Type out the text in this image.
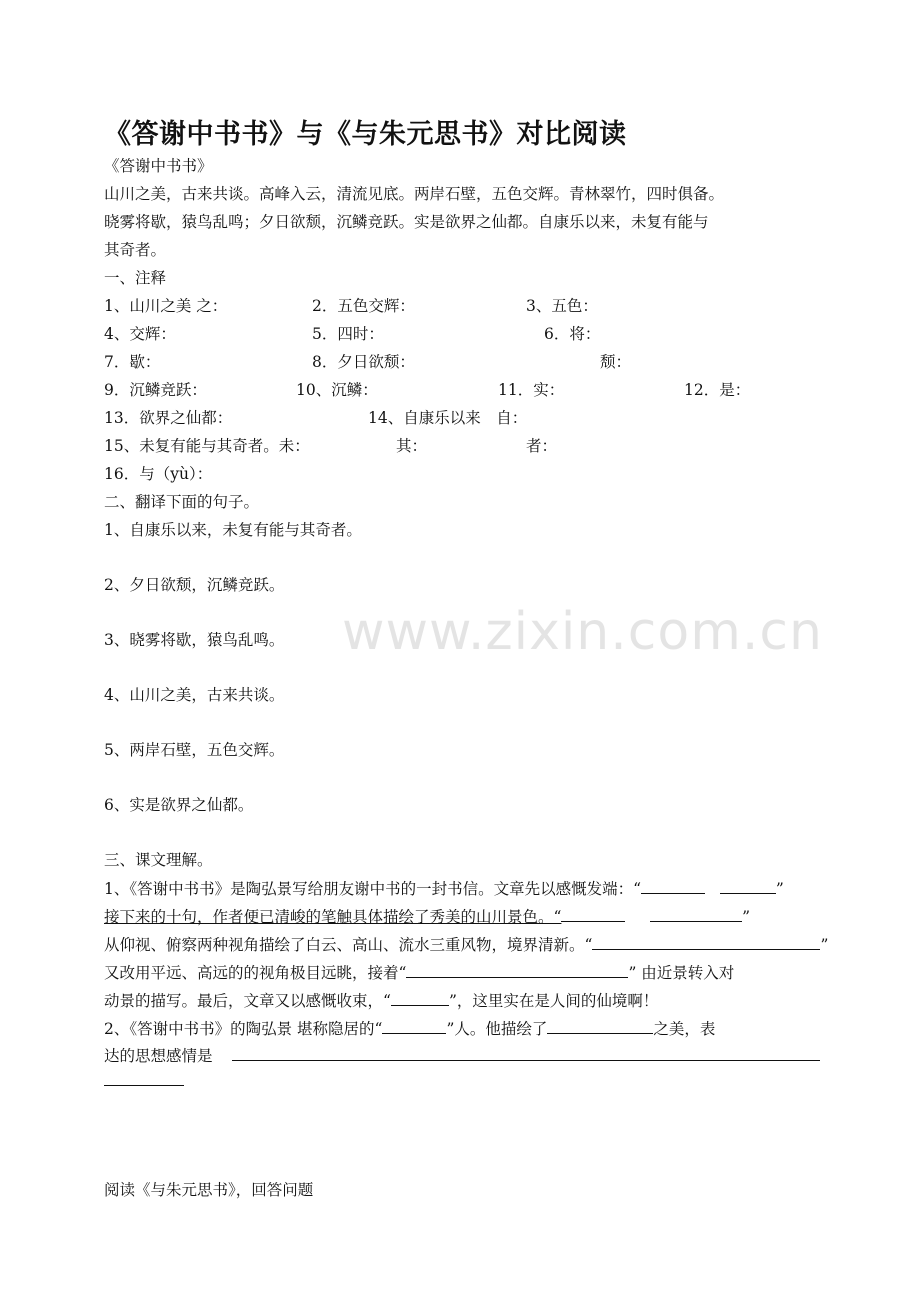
《答谢中书书》与《与朱元思书》对比阅读
《答谢中书书》
山川之美，古来共谈。高峰入云，清流见底。两岸石壁，五色交辉。青林翠竹，四时俱备。
晓雾将歇，猿鸟乱鸣；夕日欲颓，沉鳞竞跃。实是欲界之仙都。自康乐以来，未复有能与
其奇者。
一、注释
1、山川之美 之：	2．五色交辉：	3、五色：
4、交辉：	5．四时：	6．将：
7．歇：	8．夕日欲颓：	颓：
9．沉鳞竞跃：	10、沉鳞：	11．实：	12．是：
13．欲界之仙都：	14、自康乐以来　自：
15、未复有能与其奇者。未：	其：	者：
16．与（yù）：
二、翻译下面的句子。
1、自康乐以来，未复有能与其奇者。
2、夕日欲颓，沉鳞竞跃。
3、晓雾将歇，猿鸟乱鸣。
4、山川之美，古来共谈。
5、两岸石壁，五色交辉。
6、实是欲界之仙都。
三、课文理解。
1、《答谢中书书》是陶弘景写给朋友谢中书的一封书信。文章先以感慨发端：“	”
接下来的十句，作者便已清峻的笔触具体描绘了秀美的山川景色。“	”
从仰视、俯察两种视角描绘了白云、高山、流水三重风物，境界清新。“	”
又改用平远、高远的的视角极目远眺，接着“	” 由近景转入对
动景的描写。最后，文章又以感慨收束，“	”，这里实在是人间的仙境啊！
2、《答谢中书书》的陶弘景 堪称隐居的“	”人。他描绘了	之美，表
达的思想感情是
阅读《与朱元思书》，回答问题
www.zixin.com.cn
